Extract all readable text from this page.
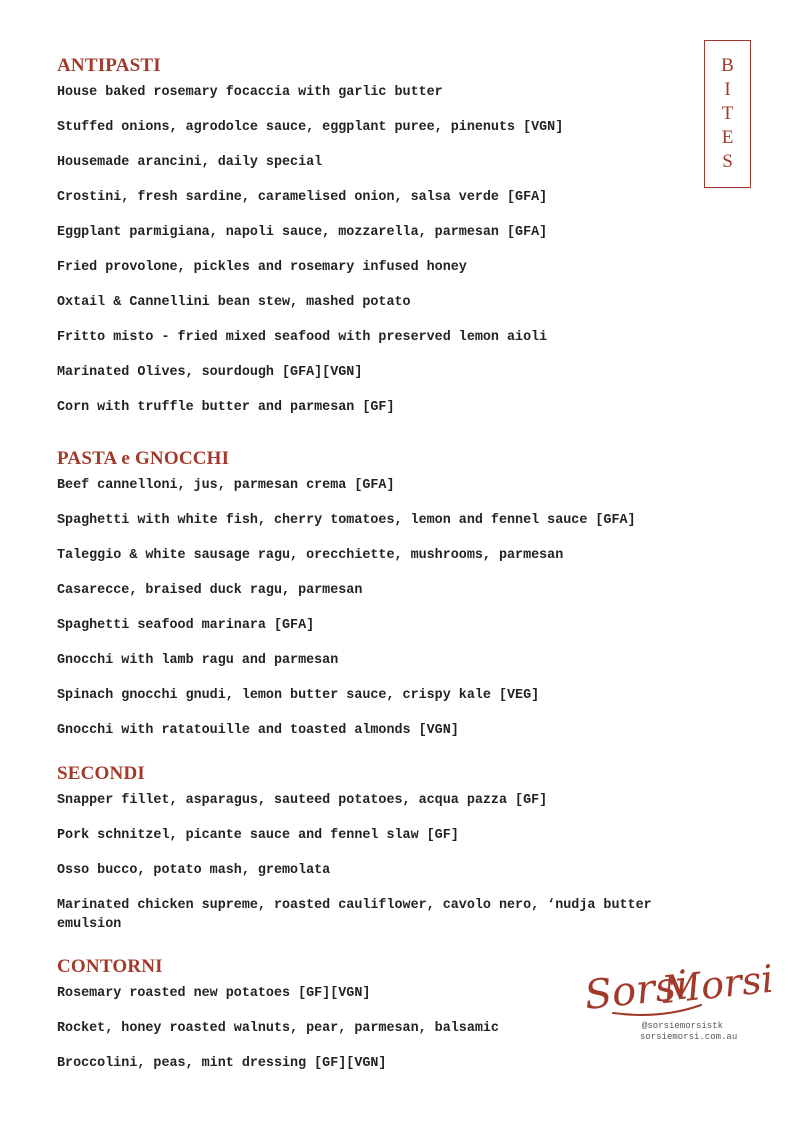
ANTIPASTI
House baked rosemary focaccia with garlic butter
Stuffed onions, agrodolce sauce, eggplant puree, pinenuts [VGN]
Housemade arancini, daily special
Crostini, fresh sardine, caramelised onion, salsa verde [GFA]
Eggplant parmigiana, napoli sauce, mozzarella, parmesan [GFA]
Fried provolone, pickles and rosemary infused honey
Oxtail & Cannellini bean stew, mashed potato
Fritto misto - fried mixed seafood with preserved lemon aioli
Marinated Olives, sourdough [GFA][VGN]
Corn with truffle butter and parmesan [GF]
PASTA e GNOCCHI
Beef cannelloni, jus, parmesan crema [GFA]
Spaghetti with white fish, cherry tomatoes, lemon and fennel sauce [GFA]
Taleggio & white sausage ragu, orecchiette, mushrooms, parmesan
Casarecce, braised duck ragu, parmesan
Spaghetti seafood marinara [GFA]
Gnocchi with lamb ragu and parmesan
Spinach gnocchi gnudi, lemon butter sauce, crispy kale [VEG]
Gnocchi with ratatouille and toasted almonds [VGN]
SECONDI
Snapper fillet, asparagus, sauteed potatoes, acqua pazza [GF]
Pork schnitzel, picante sauce and fennel slaw [GF]
Osso bucco, potato mash, gremolata
Marinated chicken supreme, roasted cauliflower, cavolo nero, ‘nudja butter emulsion
CONTORNI
Rosemary roasted new potatoes [GF][VGN]
Rocket, honey roasted walnuts, pear, parmesan, balsamic
Broccolini, peas, mint dressing [GF][VGN]
B
I
T
E
S
Sorsi
Morsi
@sorsiemorsistk
sorsiemorsi.com.au
